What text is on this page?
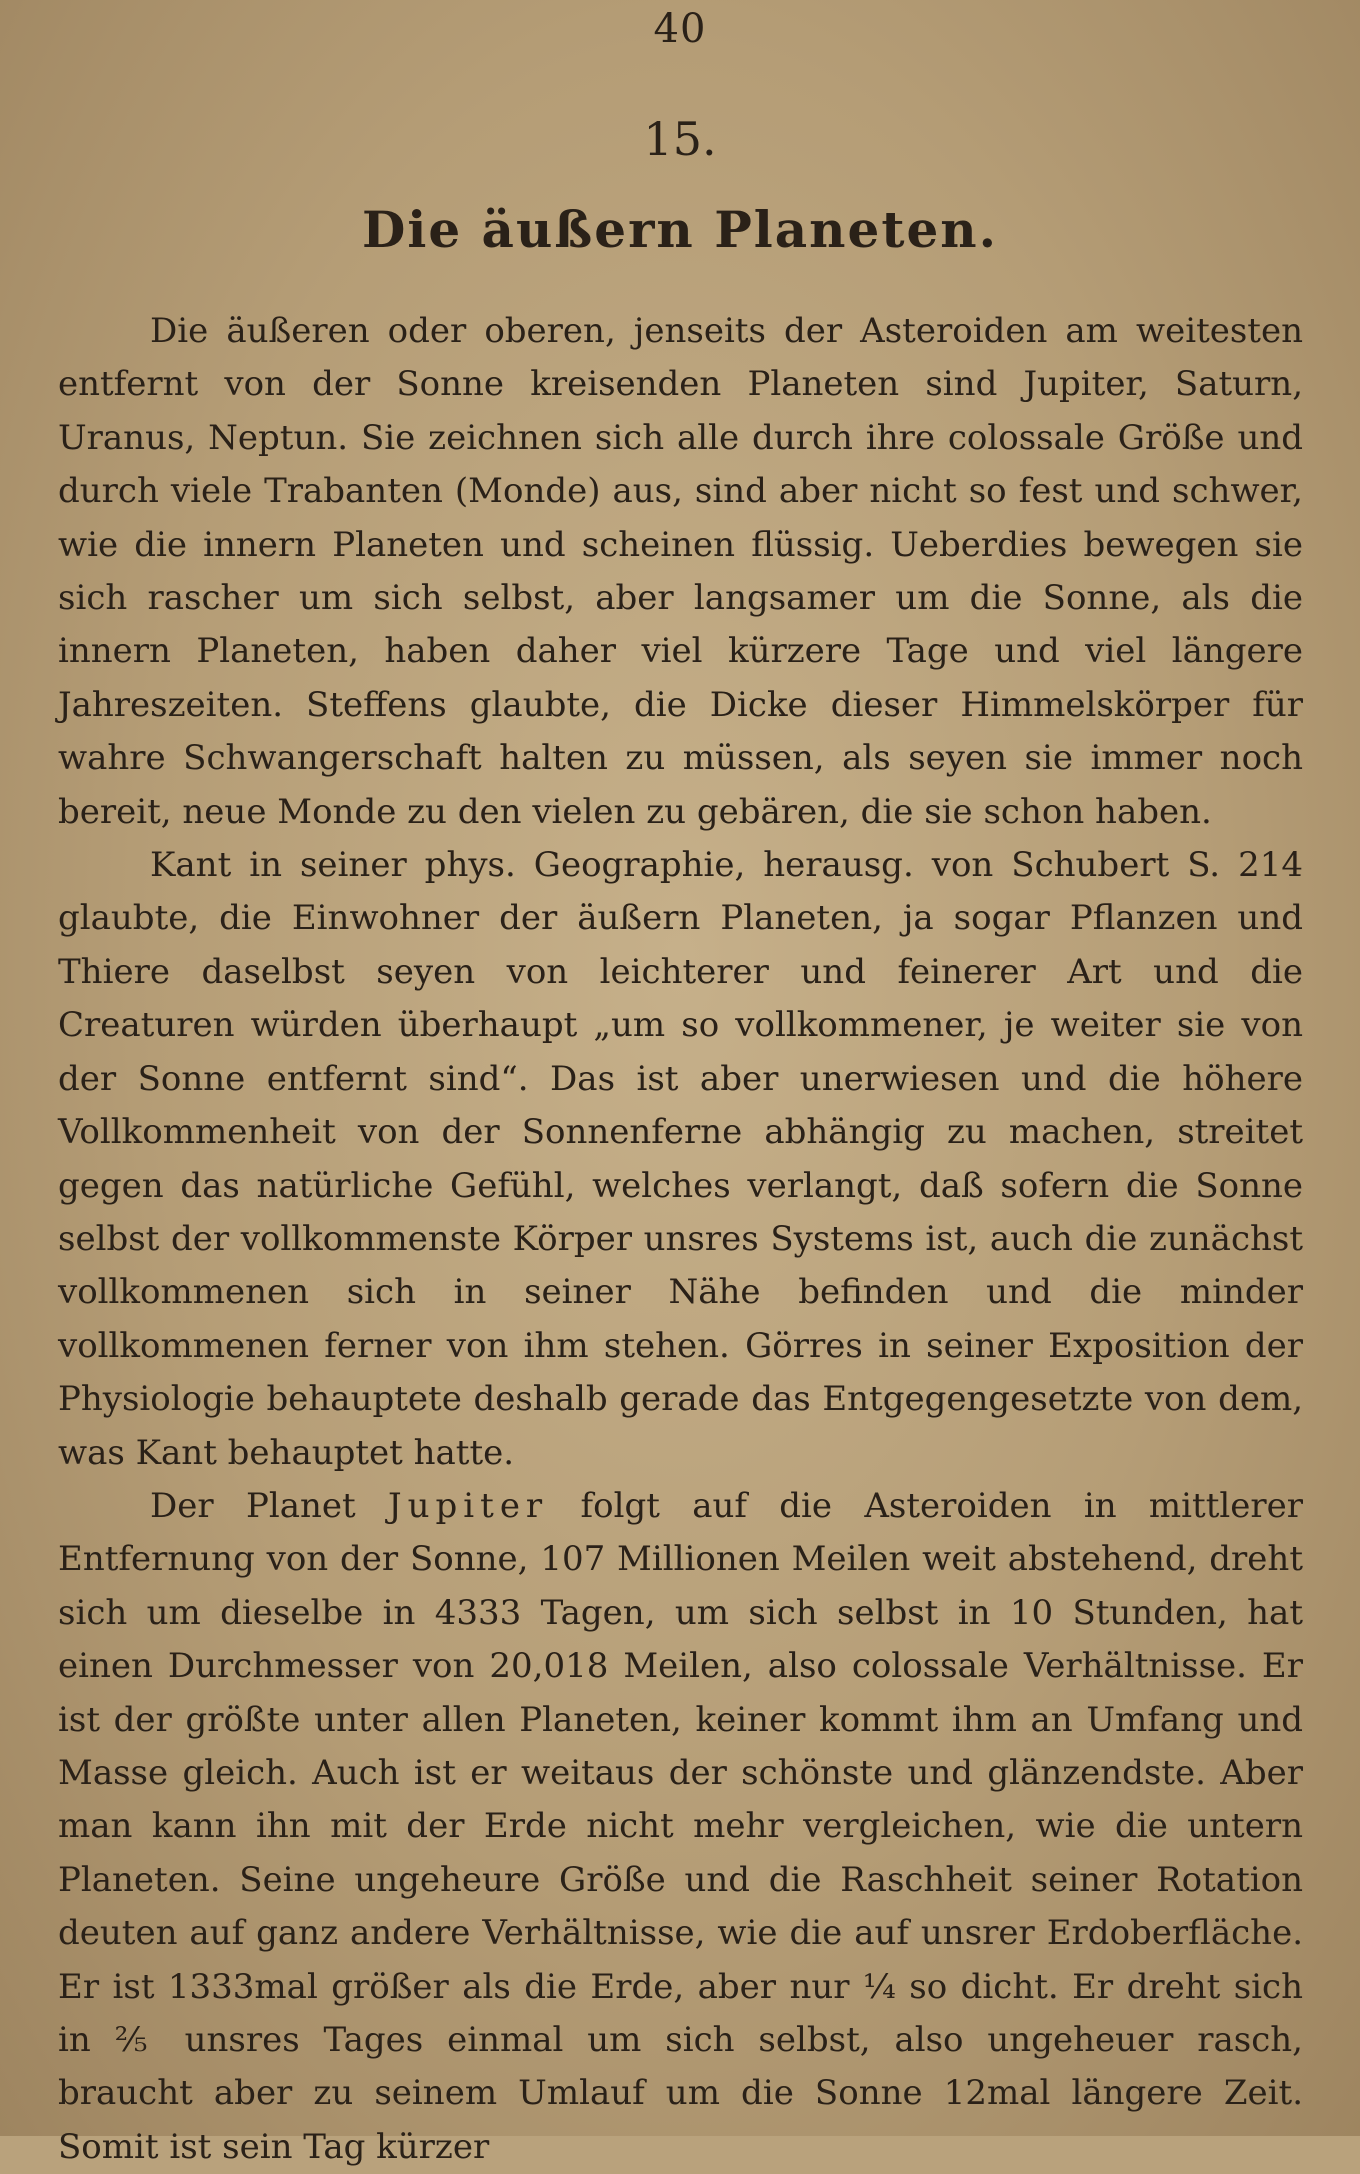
40
15.
Die äußern Planeten.

Die äußeren oder oberen, jenseits der Asteroiden am weitesten entfernt von der Sonne kreisenden Planeten sind Jupiter, Saturn, Uranus, Neptun. Sie zeichnen sich alle durch ihre colossale Größe und durch viele Trabanten (Monde) aus, sind aber nicht so fest und schwer, wie die innern Planeten und scheinen flüssig. Ueberdies bewegen sie sich rascher um sich selbst, aber langsamer um die Sonne, als die innern Planeten, haben daher viel kürzere Tage und viel längere Jahreszeiten. Steffens glaubte, die Dicke dieser Himmelskörper für wahre Schwangerschaft halten zu müssen, als seyen sie immer noch bereit, neue Monde zu den vielen zu gebären, die sie schon haben.

Kant in seiner phys. Geographie, herausg. von Schubert S. 214 glaubte, die Einwohner der äußern Planeten, ja sogar Pflanzen und Thiere daselbst seyen von leichterer und feinerer Art und die Creaturen würden überhaupt „um so vollkommener, je weiter sie von der Sonne entfernt sind“. Das ist aber unerwiesen und die höhere Vollkommenheit von der Sonnenferne abhängig zu machen, streitet gegen das natürliche Gefühl, welches verlangt, daß sofern die Sonne selbst der vollkommenste Körper unsres Systems ist, auch die zunächst vollkommenen sich in seiner Nähe befinden und die minder vollkommenen ferner von ihm stehen. Görres in seiner Exposition der Physiologie behauptete deshalb gerade das Entgegengesetzte von dem, was Kant behauptet hatte.

Der Planet Jupiter folgt auf die Asteroiden in mittlerer Entfernung von der Sonne, 107 Millionen Meilen weit abstehend, dreht sich um dieselbe in 4333 Tagen, um sich selbst in 10 Stunden, hat einen Durchmesser von 20,018 Meilen, also colossale Verhältnisse. Er ist der größte unter allen Planeten, keiner kommt ihm an Umfang und Masse gleich. Auch ist er weitaus der schönste und glänzendste. Aber man kann ihn mit der Erde nicht mehr vergleichen, wie die untern Planeten. Seine ungeheure Größe und die Raschheit seiner Rotation deuten auf ganz andere Verhältnisse, wie die auf unsrer Erdoberfläche. Er ist 1333mal größer als die Erde, aber nur ¼ so dicht. Er dreht sich in ⅖ unsres Tages einmal um sich selbst, also ungeheuer rasch, braucht aber zu seinem Umlauf um die Sonne 12mal längere Zeit. Somit ist sein Tag kürzer
